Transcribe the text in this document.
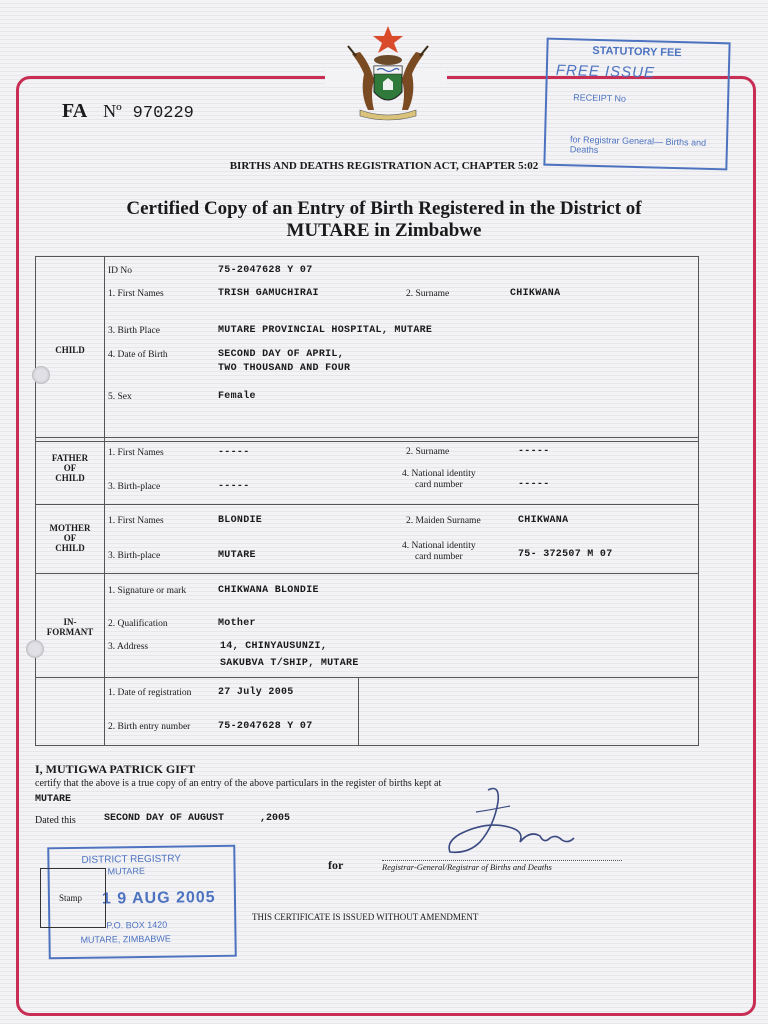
FA Nº 970229
STATUTORY FEE
FREE ISSUE
RECEIPT No
for Registrar General— Births and Deaths
BIRTHS AND DEATHS REGISTRATION ACT, CHAPTER 5:02
Certified Copy of an Entry of Birth Registered in the District of
MUTARE in Zimbabwe
CHILD
ID No	75-2047628 Y 07
1. First Names	TRISH GAMUCHIRAI	2. Surname	CHIKWANA
3. Birth Place	MUTARE PROVINCIAL HOSPITAL, MUTARE
4. Date of Birth	SECOND DAY OF APRIL,
TWO THOUSAND AND FOUR
5. Sex	Female
FATHER
OF
CHILD
1. First Names	-----	2. Surname	-----
3. Birth-place	-----
4. National identity
card number	-----
MOTHER
OF
CHILD
1. First Names	BLONDIE	2. Maiden Surname	CHIKWANA
3. Birth-place	MUTARE
4. National identity
card number	75- 372507 M 07
IN-
FORMANT
1. Signature or mark	CHIKWANA BLONDIE
2. Qualification	Mother
3. Address	14, CHINYAUSUNZI,
SAKUBVA T/SHIP, MUTARE
1. Date of registration	27 July 2005
2. Birth entry number	75-2047628 Y 07
I, MUTIGWA PATRICK GIFT
certify that the above is a true copy of an entry of the above particulars in the register of births kept at
MUTARE
Dated this	SECOND DAY OF AUGUST      ,2005
for	Registrar-General/Registrar of Births and Deaths
DISTRICT REGISTRY
MUTARE
1 9 AUG 2005
P.O. BOX 1420
MUTARE, ZIMBABWE
Stamp
THIS CERTIFICATE IS ISSUED WITHOUT AMENDMENT
